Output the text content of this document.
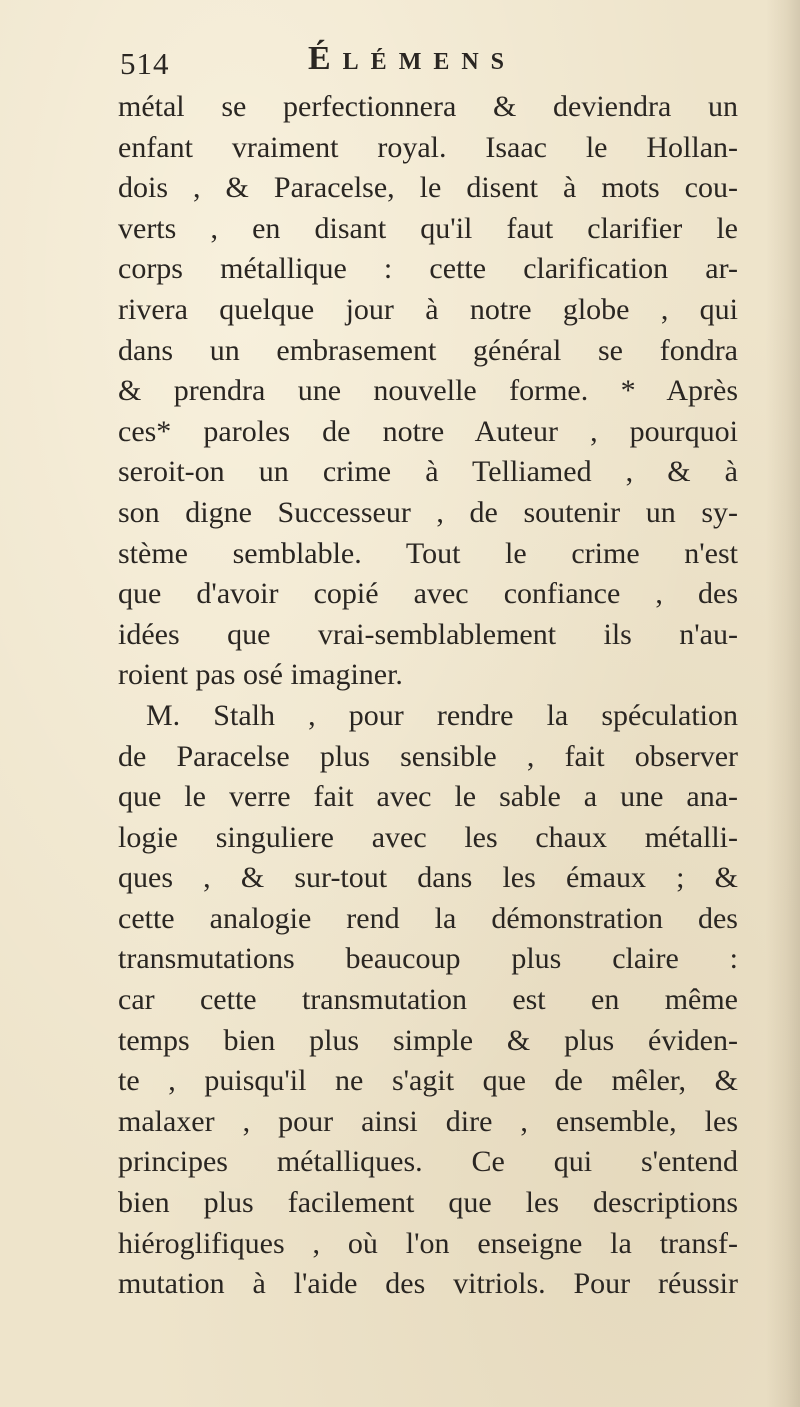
514	Élémens
métal se perfectionnera & deviendra un
enfant vraiment royal. Isaac le Hollan-
dois , & Paracelse, le disent à mots cou-
verts , en disant qu'il faut clarifier le
corps métallique : cette clarification ar-
rivera quelque jour à notre globe , qui
dans un embrasement général se fondra
& prendra une nouvelle forme. * Après
ces* paroles de notre Auteur , pourquoi
seroit-on un crime à Telliamed , & à
son digne Successeur , de soutenir un sy-
stème semblable. Tout le crime n'est
que d'avoir copié avec confiance , des
idées que vrai-semblablement ils n'au-
roient pas osé imaginer.
M. Stalh , pour rendre la spéculation
de Paracelse plus sensible , fait observer
que le verre fait avec le sable a une ana-
logie singuliere avec les chaux métalli-
ques , & sur-tout dans les émaux ; &
cette analogie rend la démonstration des
transmutations beaucoup plus claire :
car cette transmutation est en même
temps bien plus simple & plus éviden-
te , puisqu'il ne s'agit que de mêler, &
malaxer , pour ainsi dire , ensemble, les
principes métalliques. Ce qui s'entend
bien plus facilement que les descriptions
hiéroglifiques , où l'on enseigne la transf-
mutation à l'aide des vitriols. Pour réussir
